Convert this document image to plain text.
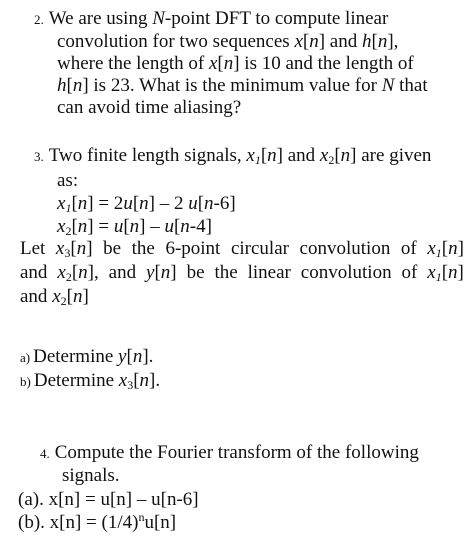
2. We are using N-point DFT to compute linear
convolution for two sequences x[n] and h[n],
where the length of x[n] is 10 and the length of
h[n] is 23. What is the minimum value for N that
can avoid time aliasing?
3. Two finite length signals, $x_1[n]$ and $x_2[n]$ are given
as:
$x_1[n] = 2u[n] - 2$ u[n-6]
$x_2[n] = u[n] - u[n-4]$
Let $x_3[n]$ be the 6-point circular convolution of $x_1[n]$
and $x_2[n]$, and y[n] be the linear convolution of $x_1[n]$
and $x_2[n]$
a) Determine y[n].
b) Determine $x_3[n]$.
4. Compute the Fourier transform of the following
signals.
(a). x[n] = u[n] – u[n-6]
(b). $x[n] = (1/4)^nu[n]$
